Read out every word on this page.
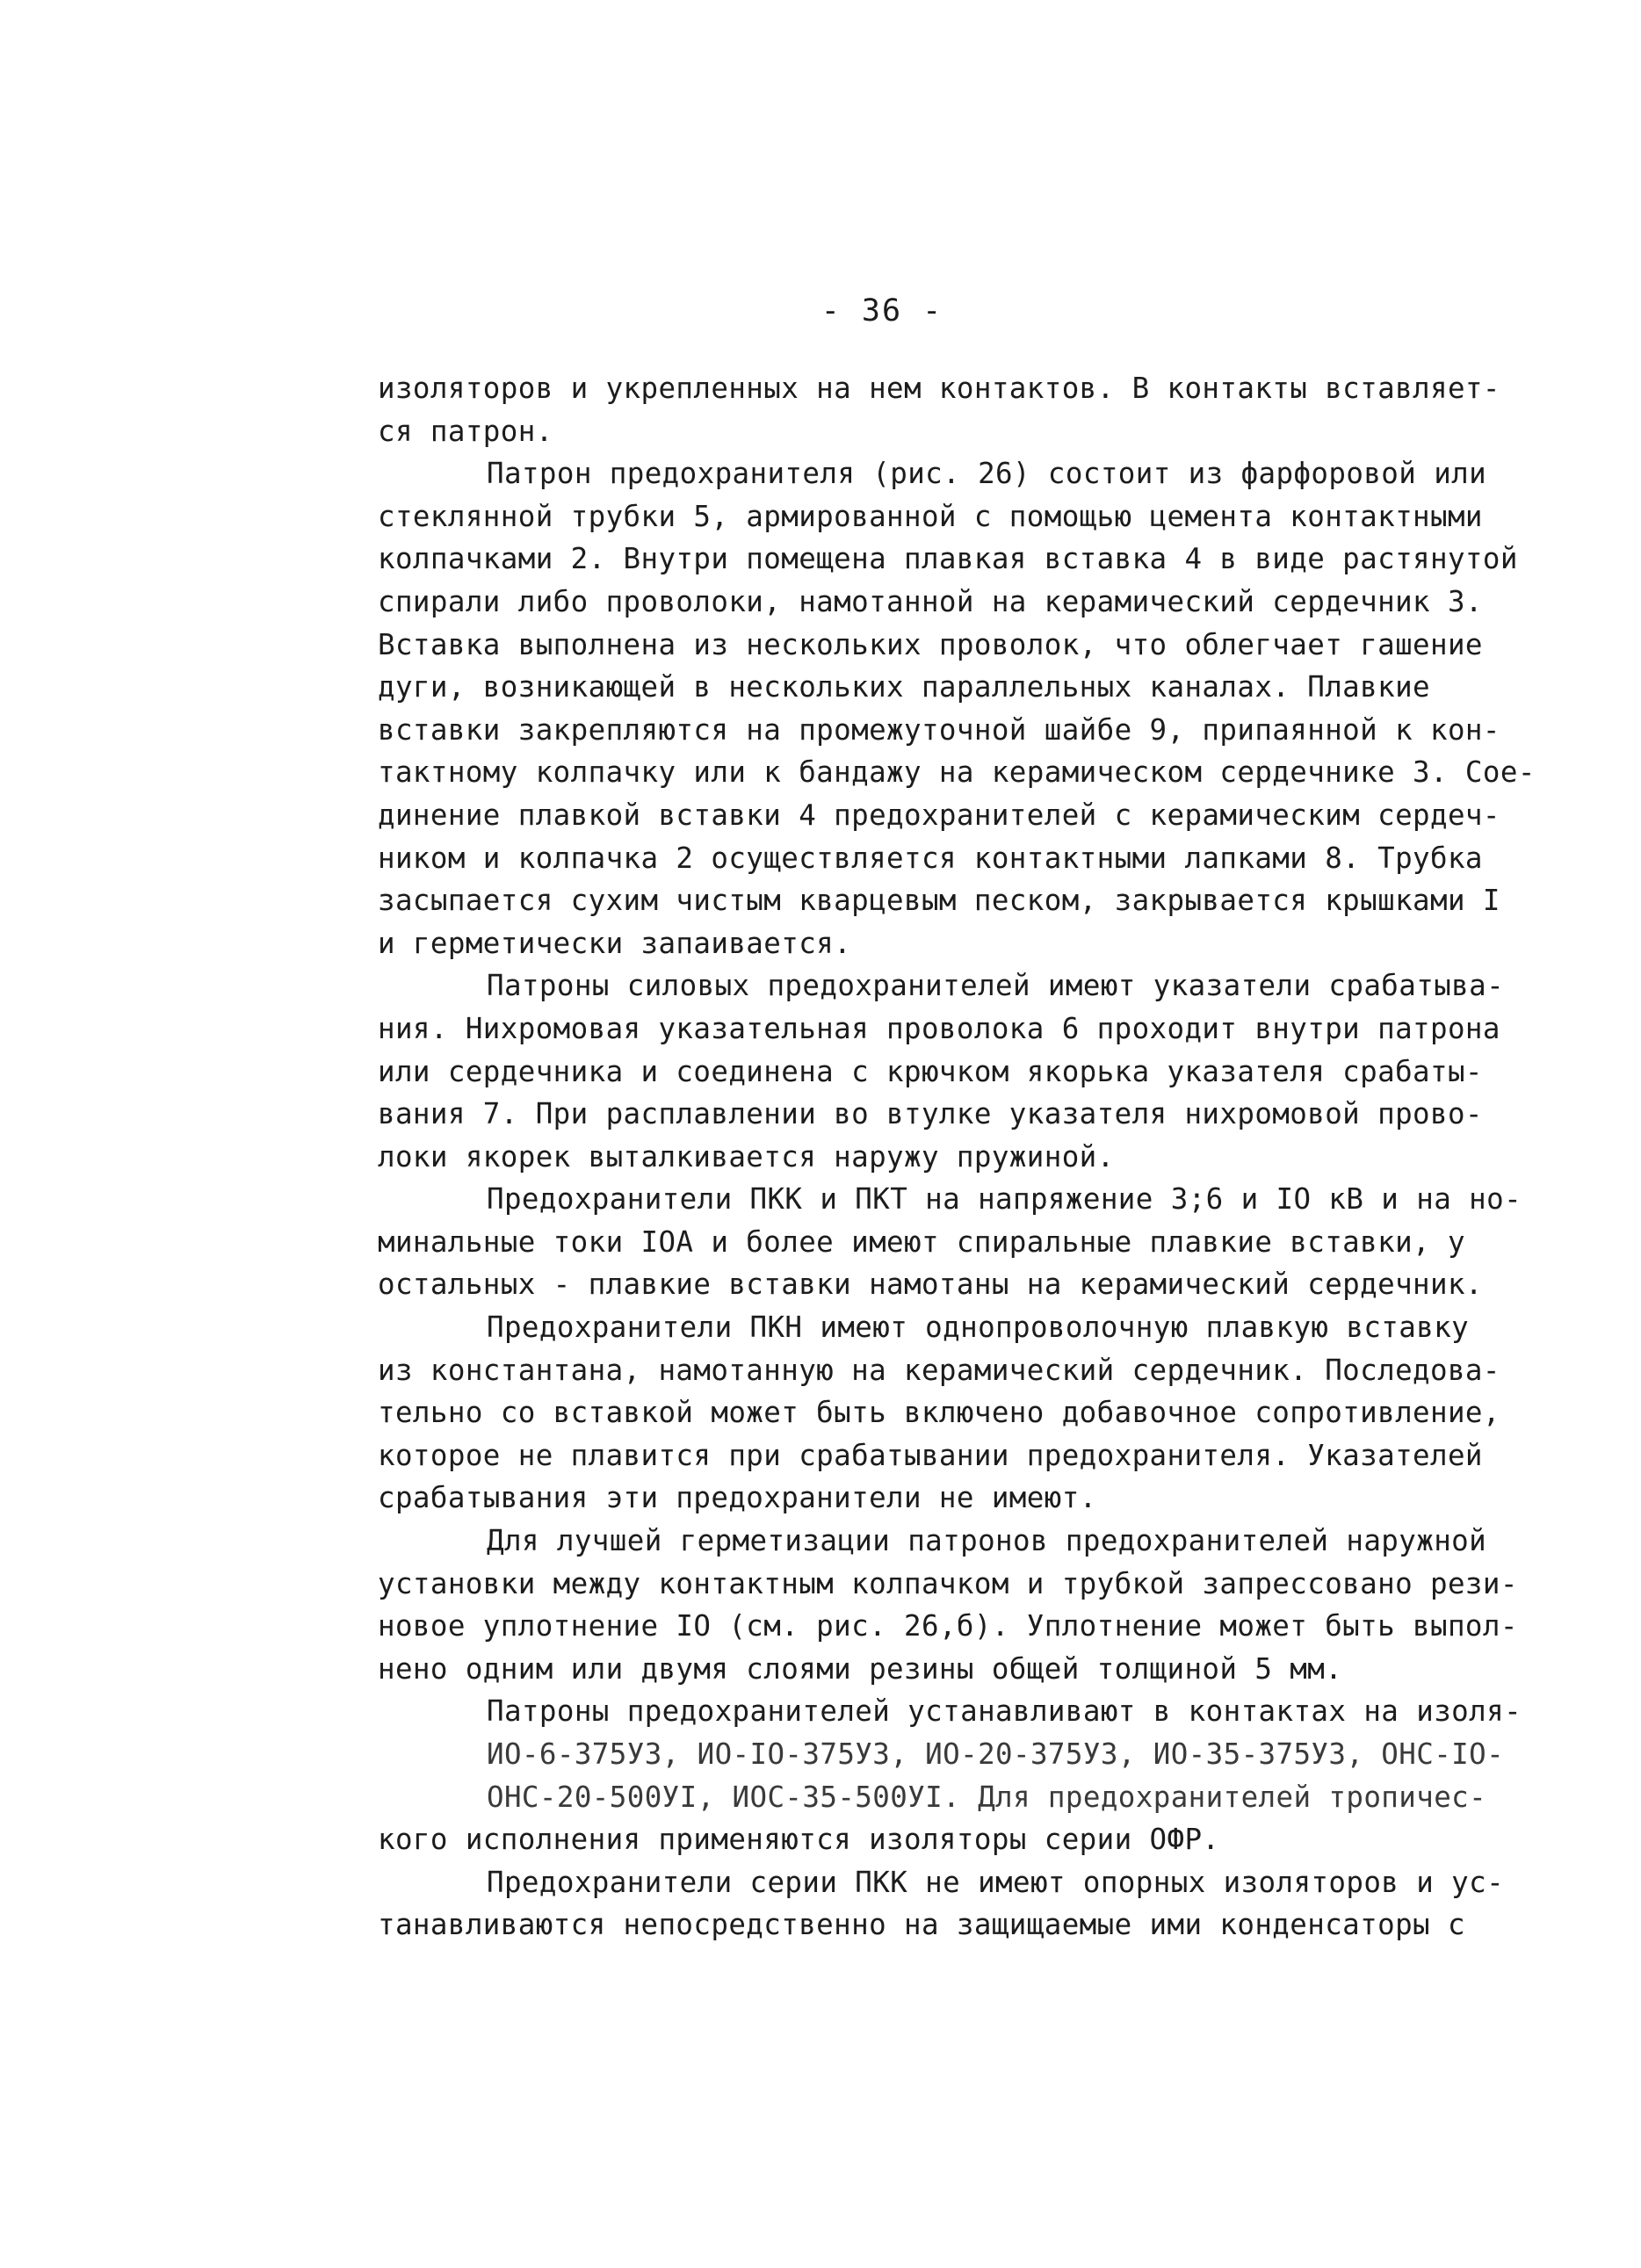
- 36 -
изоляторов и укрепленных на нем контактов. В контакты вставляет-
ся патрон.
Патрон предохранителя (рис. 26) состоит из фарфоровой или
стеклянной трубки 5, армированной с помощью цемента контактными
колпачками 2. Внутри помещена плавкая вставка 4 в виде растянутой
спирали либо проволоки, намотанной на керамический сердечник 3.
Вставка выполнена из нескольких проволок, что облегчает гашение
дуги, возникающей в нескольких параллельных каналах. Плавкие
вставки закрепляются на промежуточной шайбе 9, припаянной к кон-
тактному колпачку или к бандажу на керамическом сердечнике 3. Сое-
динение плавкой вставки 4 предохранителей с керамическим сердеч-
ником и колпачка 2 осуществляется контактными лапками 8. Трубка
засыпается сухим чистым кварцевым песком, закрывается крышками I
и герметически запаивается.
Патроны силовых предохранителей имеют указатели срабатыва-
ния. Нихромовая указательная проволока 6 проходит внутри патрона
или сердечника и соединена с крючком якорька указателя срабаты-
вания 7. При расплавлении во втулке указателя нихромовой прово-
локи якорек выталкивается наружу пружиной.
Предохранители ПКК и ПКТ на напряжение 3;6 и IO кВ и на но-
минальные токи IOA и более имеют спиральные плавкие вставки, у
остальных - плавкие вставки намотаны на керамический сердечник.
Предохранители ПКН имеют однопроволочную плавкую вставку
из константана, намотанную на керамический сердечник. Последова-
тельно со вставкой может быть включено добавочное сопротивление,
которое не плавится при срабатывании предохранителя. Указателей
срабатывания эти предохранители не имеют.
Для лучшей герметизации патронов предохранителей наружной
установки между контактным колпачком и трубкой запрессовано рези-
новое уплотнение IO (см. рис. 26,б). Уплотнение может быть выпол-
нено одним или двумя слоями резины общей толщиной 5 мм.
Патроны предохранителей устанавливают в контактах на изоля-
ИО-6-375УЗ, ИО-IO-375УЗ, ИО-20-375УЗ, ИО-35-375УЗ, ОНС-IO-
ОНС-20-500УI, ИОС-35-500УI. Для предохранителей тропичес-
кого исполнения применяются изоляторы серии ОФР.
Предохранители серии ПКК не имеют опорных изоляторов и ус-
танавливаются непосредственно на защищаемые ими конденсаторы с
